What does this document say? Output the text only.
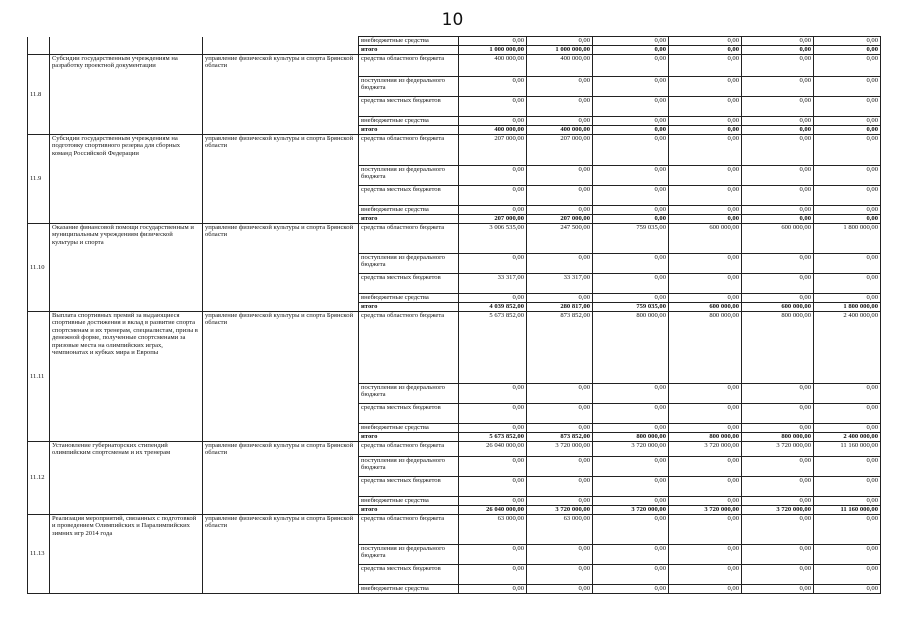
10
			внебюджетные средства	0,00	0,00	0,00	0,00	0,00	0,00
			итого	1 000 000,00	1 000 000,00	0,00	0,00	0,00	0,00
11.8	Субсидии государственным учреждениям на разработку проектной документации	управление физической культуры и спорта Брянской области	средства областного бюджета	400 000,00	400 000,00	0,00	0,00	0,00	0,00
			поступления из федерального бюджета	0,00	0,00	0,00	0,00	0,00	0,00
			средства местных бюджетов	0,00	0,00	0,00	0,00	0,00	0,00
			внебюджетные средства	0,00	0,00	0,00	0,00	0,00	0,00
			итого	400 000,00	400 000,00	0,00	0,00	0,00	0,00
11.9	Субсидии государственным учреждениям на подготовку спортивного резерва для сборных команд Российской Федерации	управление физической культуры и спорта Брянской области	средства областного бюджета	207 000,00	207 000,00	0,00	0,00	0,00	0,00
			поступления из федерального бюджета	0,00	0,00	0,00	0,00	0,00	0,00
			средства местных бюджетов	0,00	0,00	0,00	0,00	0,00	0,00
			внебюджетные средства	0,00	0,00	0,00	0,00	0,00	0,00
			итого	207 000,00	207 000,00	0,00	0,00	0,00	0,00
11.10	Оказание финансовой помощи государственным и муниципальным учреждениям физической культуры и спорта	управление физической культуры и спорта Брянской области	средства областного бюджета	3 006 535,00	247 500,00	759 035,00	600 000,00	600 000,00	1 800 000,00
			поступления из федерального бюджета	0,00	0,00	0,00	0,00	0,00	0,00
			средства местных бюджетов	33 317,00	33 317,00	0,00	0,00	0,00	0,00
			внебюджетные средства	0,00	0,00	0,00	0,00	0,00	0,00
			итого	4 039 852,00	280 817,00	759 035,00	600 000,00	600 000,00	1 800 000,00
11.11	Выплата спортивных премий за выдающиеся спортивные достижения и вклад в развитие спорта спортсменам и их тренерам, специалистам, призы в денежной форме, полученные спортсменами за призовые места на олимпийских играх, чемпионатах и кубках мира и Европы	управление физической культуры и спорта Брянской области	средства областного бюджета	5 673 852,00	873 852,00	800 000,00	800 000,00	800 000,00	2 400 000,00
			поступления из федерального бюджета	0,00	0,00	0,00	0,00	0,00	0,00
			средства местных бюджетов	0,00	0,00	0,00	0,00	0,00	0,00
			внебюджетные средства	0,00	0,00	0,00	0,00	0,00	0,00
			итого	5 673 852,00	873 852,00	800 000,00	800 000,00	800 000,00	2 400 000,00
11.12	Установление губернаторских стипендий олимпийским спортсменам и их тренерам	управление физической культуры и спорта Брянской области	средства областного бюджета	26 040 000,00	3 720 000,00	3 720 000,00	3 720 000,00	3 720 000,00	11 160 000,00
			поступления из федерального бюджета	0,00	0,00	0,00	0,00	0,00	0,00
			средства местных бюджетов	0,00	0,00	0,00	0,00	0,00	0,00
			внебюджетные средства	0,00	0,00	0,00	0,00	0,00	0,00
			итого	26 040 000,00	3 720 000,00	3 720 000,00	3 720 000,00	3 720 000,00	11 160 000,00
11.13	Реализация мероприятий, связанных с подготовкой и проведением Олимпийских и Паралимпийских зимних игр 2014 года	управление физической культуры и спорта Брянской области	средства областного бюджета	63 000,00	63 000,00	0,00	0,00	0,00	0,00
			поступления из федерального бюджета	0,00	0,00	0,00	0,00	0,00	0,00
			средства местных бюджетов	0,00	0,00	0,00	0,00	0,00	0,00
			внебюджетные средства	0,00	0,00	0,00	0,00	0,00	0,00
